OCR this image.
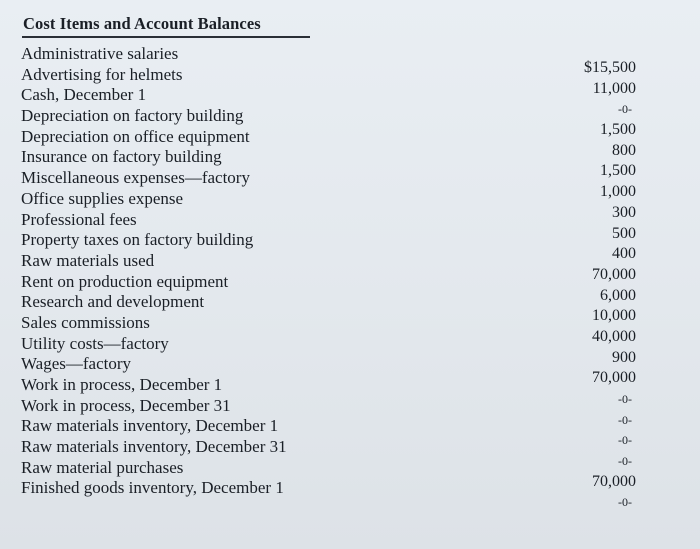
Cost Items and Account Balances
Administrative salaries
Advertising for helmets
Cash, December 1
Depreciation on factory building
Depreciation on office equipment
Insurance on factory building
Miscellaneous expenses—factory
Office supplies expense
Professional fees
Property taxes on factory building
Raw materials used
Rent on production equipment
Research and development
Sales commissions
Utility costs—factory
Wages—factory
Work in process, December 1
Work in process, December 31
Raw materials inventory, December 1
Raw materials inventory, December 31
Raw material purchases
Finished goods inventory, December 1
$15,500
11,000
-0-
1,500
800
1,500
1,000
300
500
400
70,000
6,000
10,000
40,000
900
70,000
-0-
-0-
-0-
-0-
70,000
-0-
